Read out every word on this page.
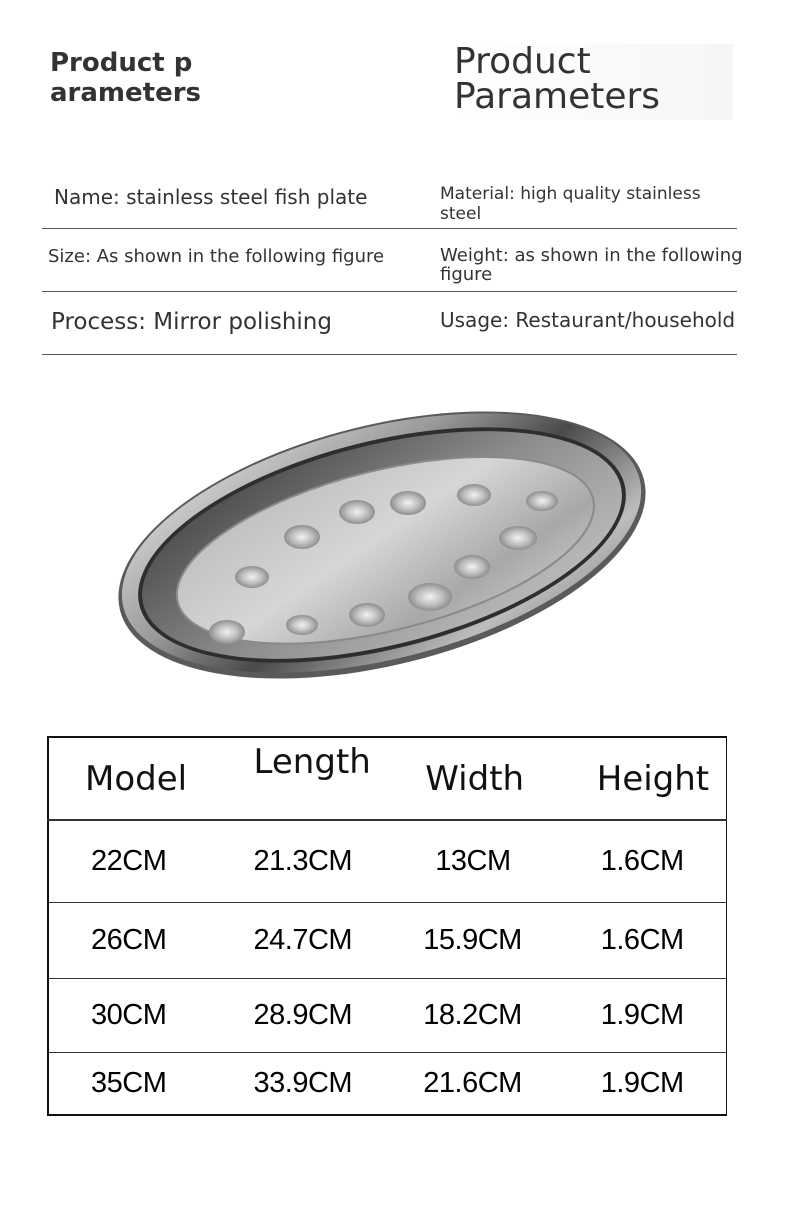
Product p arameters
Product Parameters
Name: stainless steel fish plate	Material: high quality stainless steel
Size: As shown in the following figure	Weight: as shown in the following figure
Process: Mirror polishing	Usage: Restaurant/household
Model	Length	Width	Height
22CM	21.3CM	13CM	1.6CM
26CM	24.7CM	15.9CM	1.6CM
30CM	28.9CM	18.2CM	1.9CM
35CM	33.9CM	21.6CM	1.9CM
